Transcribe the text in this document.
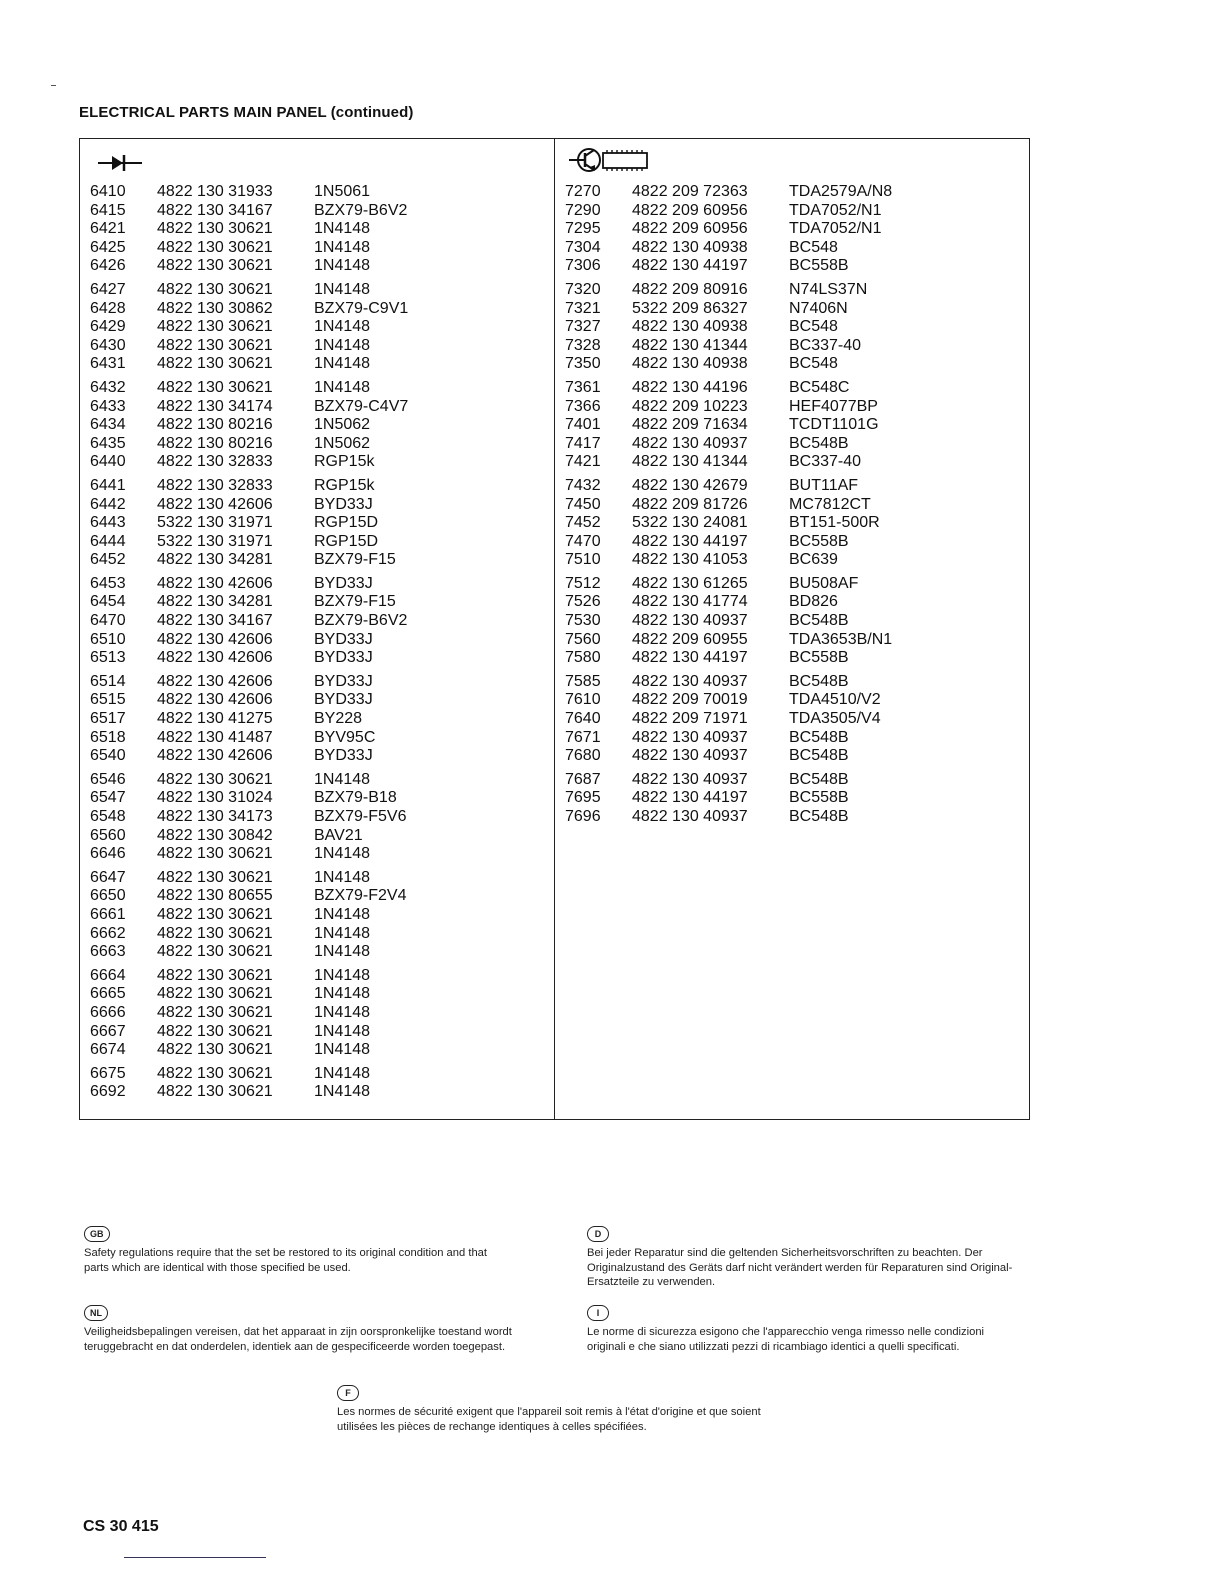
ELECTRICAL PARTS MAIN PANEL (continued)
6410	4822 130 31933	1N5061
6415	4822 130 34167	BZX79-B6V2
6421	4822 130 30621	1N4148
6425	4822 130 30621	1N4148
6426	4822 130 30621	1N4148
6427	4822 130 30621	1N4148
6428	4822 130 30862	BZX79-C9V1
6429	4822 130 30621	1N4148
6430	4822 130 30621	1N4148
6431	4822 130 30621	1N4148
6432	4822 130 30621	1N4148
6433	4822 130 34174	BZX79-C4V7
6434	4822 130 80216	1N5062
6435	4822 130 80216	1N5062
6440	4822 130 32833	RGP15k
6441	4822 130 32833	RGP15k
6442	4822 130 42606	BYD33J
6443	5322 130 31971	RGP15D
6444	5322 130 31971	RGP15D
6452	4822 130 34281	BZX79-F15
6453	4822 130 42606	BYD33J
6454	4822 130 34281	BZX79-F15
6470	4822 130 34167	BZX79-B6V2
6510	4822 130 42606	BYD33J
6513	4822 130 42606	BYD33J
6514	4822 130 42606	BYD33J
6515	4822 130 42606	BYD33J
6517	4822 130 41275	BY228
6518	4822 130 41487	BYV95C
6540	4822 130 42606	BYD33J
6546	4822 130 30621	1N4148
6547	4822 130 31024	BZX79-B18
6548	4822 130 34173	BZX79-F5V6
6560	4822 130 30842	BAV21
6646	4822 130 30621	1N4148
6647	4822 130 30621	1N4148
6650	4822 130 80655	BZX79-F2V4
6661	4822 130 30621	1N4148
6662	4822 130 30621	1N4148
6663	4822 130 30621	1N4148
6664	4822 130 30621	1N4148
6665	4822 130 30621	1N4148
6666	4822 130 30621	1N4148
6667	4822 130 30621	1N4148
6674	4822 130 30621	1N4148
6675	4822 130 30621	1N4148
6692	4822 130 30621	1N4148
7270	4822 209 72363	TDA2579A/N8
7290	4822 209 60956	TDA7052/N1
7295	4822 209 60956	TDA7052/N1
7304	4822 130 40938	BC548
7306	4822 130 44197	BC558B
7320	4822 209 80916	N74LS37N
7321	5322 209 86327	N7406N
7327	4822 130 40938	BC548
7328	4822 130 41344	BC337-40
7350	4822 130 40938	BC548
7361	4822 130 44196	BC548C
7366	4822 209 10223	HEF4077BP
7401	4822 209 71634	TCDT1101G
7417	4822 130 40937	BC548B
7421	4822 130 41344	BC337-40
7432	4822 130 42679	BUT11AF
7450	4822 209 81726	MC7812CT
7452	5322 130 24081	BT151-500R
7470	4822 130 44197	BC558B
7510	4822 130 41053	BC639
7512	4822 130 61265	BU508AF
7526	4822 130 41774	BD826
7530	4822 130 40937	BC548B
7560	4822 209 60955	TDA3653B/N1
7580	4822 130 44197	BC558B
7585	4822 130 40937	BC548B
7610	4822 209 70019	TDA4510/V2
7640	4822 209 71971	TDA3505/V4
7671	4822 130 40937	BC548B
7680	4822 130 40937	BC548B
7687	4822 130 40937	BC548B
7695	4822 130 44197	BC558B
7696	4822 130 40937	BC548B
GB

Safety regulations require that the set be restored to its original condition and that parts which are identical with those specified be used.

D

Bei jeder Reparatur sind die geltenden Sicherheitsvorschriften zu beachten. Der Originalzustand des Geräts darf nicht verändert werden für Reparaturen sind Original-Ersatzteile zu verwenden.

NL

Veiligheidsbepalingen vereisen, dat het apparaat in zijn oorspronkelijke toestand wordt teruggebracht en dat onderdelen, identiek aan de gespecificeerde worden toegepast.

I

Le norme di sicurezza esigono che l'apparecchio venga rimesso nelle condizioni originali e che siano utilizzati pezzi di ricambiago identici a quelli specificati.

F

Les normes de sécurité exigent que l'appareil soit remis à l'état d'origine et que soient utilisées les pièces de rechange identiques à celles spécifiées.

CS 30 415
